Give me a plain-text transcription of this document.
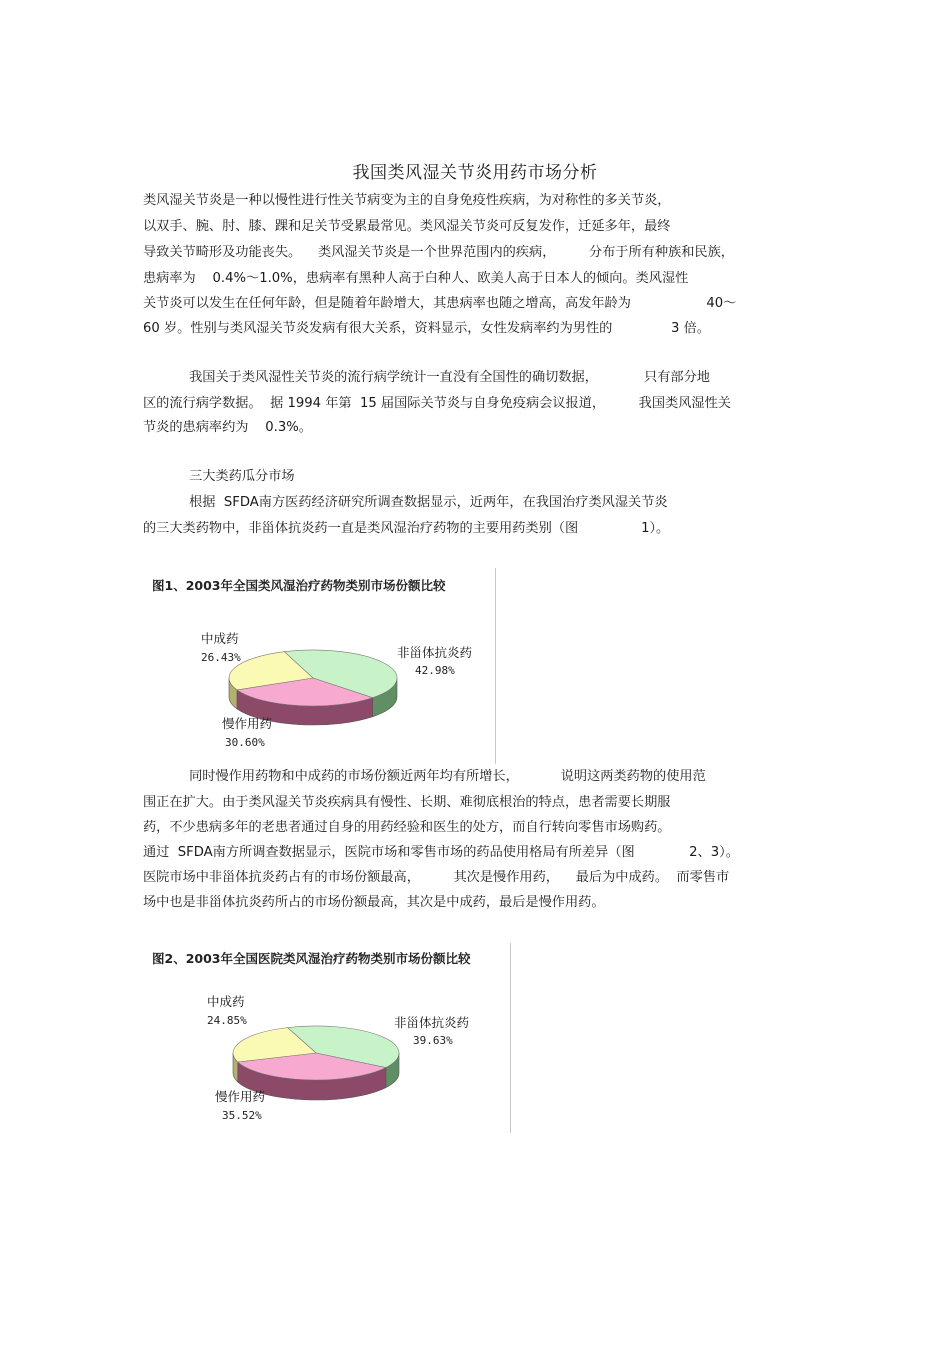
我国类风湿关节炎用药市场分析
类风湿关节炎是一种以慢性进行性关节病变为主的自身免疫性疾病，为对称性的多关节炎，
以双手、腕、肘、膝、踝和足关节受累最常见。类风湿关节炎可反复发作，迁延多年，最终
导致关节畸形及功能丧失。    类风湿关节炎是一个世界范围内的疾病，        分布于所有种族和民族，
患病率为    0.4%～1.0%，患病率有黑种人高于白种人、欧美人高于日本人的倾向。类风湿性
关节炎可以发生在任何年龄，但是随着年龄增大，其患病率也随之增高，高发年龄为                  40～
60 岁。性别与类风湿关节炎发病有很大关系，资料显示，女性发病率约为男性的              3 倍。
我国关于类风湿性关节炎的流行病学统计一直没有全国性的确切数据，           只有部分地
区的流行病学数据。  据 1994 年第  15 届国际关节炎与自身免疫病会议报道，        我国类风湿性关
节炎的患病率约为    0.3%。
三大类药瓜分市场
根据  SFDA南方医药经济研究所调查数据显示，近两年，在我国治疗类风湿关节炎
的三大类药物中，非甾体抗炎药一直是类风湿治疗药物的主要用药类别（图               1）。
图1、2003年全国类风湿治疗药物类别市场份额比较
中成药
26.43%	非甾体抗炎药
42.98%
慢作用药
30.60%
同时慢作用药物和中成药的市场份额近两年均有所增长，          说明这两类药物的使用范
围正在扩大。由于类风湿关节炎疾病具有慢性、长期、难彻底根治的特点，患者需要长期服
药，不少患病多年的老患者通过自身的用药经验和医生的处方，而自行转向零售市场购药。
通过  SFDA南方所调查数据显示，医院市场和零售市场的药品使用格局有所差异（图             2、3）。
医院市场中非甾体抗炎药占有的市场份额最高，        其次是慢作用药，    最后为中成药。  而零售市
场中也是非甾体抗炎药所占的市场份额最高，其次是中成药，最后是慢作用药。
图2、2003年全国医院类风湿治疗药物类别市场份额比较
中成药
24.85%	非甾体抗炎药
39.63%
慢作用药
35.52%
